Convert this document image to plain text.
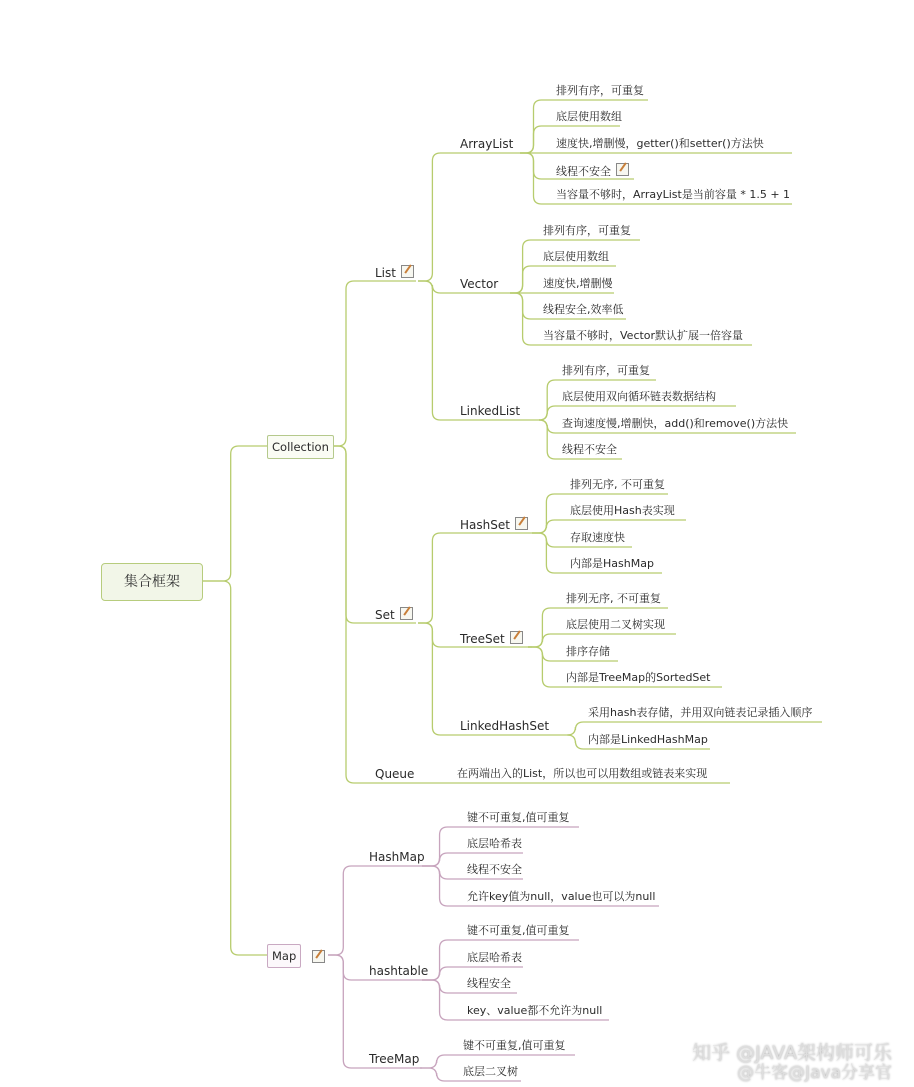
集合框架
Collection
List
ArrayList
排列有序，可重复
底层使用数组
速度快,增删慢，getter()和setter()方法快
线程不安全
当容量不够时，ArrayList是当前容量 * 1.5 + 1
Vector
排列有序，可重复
底层使用数组
速度快,增删慢
线程安全,效率低
当容量不够时，Vector默认扩展一倍容量
LinkedList
排列有序，可重复
底层使用双向循环链表数据结构
查询速度慢,增删快，add()和remove()方法快
线程不安全
Set
HashSet
排列无序, 不可重复
底层使用Hash表实现
存取速度快
内部是HashMap
TreeSet
排列无序, 不可重复
底层使用二叉树实现
排序存储
内部是TreeMap的SortedSet
LinkedHashSet
采用hash表存储，并用双向链表记录插入顺序
内部是LinkedHashMap
Queue	在两端出入的List，所以也可以用数组或链表来实现
Map
HashMap
键不可重复,值可重复
底层哈希表
线程不安全
允许key值为null，value也可以为null
hashtable
键不可重复,值可重复
底层哈希表
线程安全
key、value都不允许为null
TreeMap
键不可重复,值可重复
底层二叉树
知乎 @JAVA架构师可乐
@牛客@Java分享官
